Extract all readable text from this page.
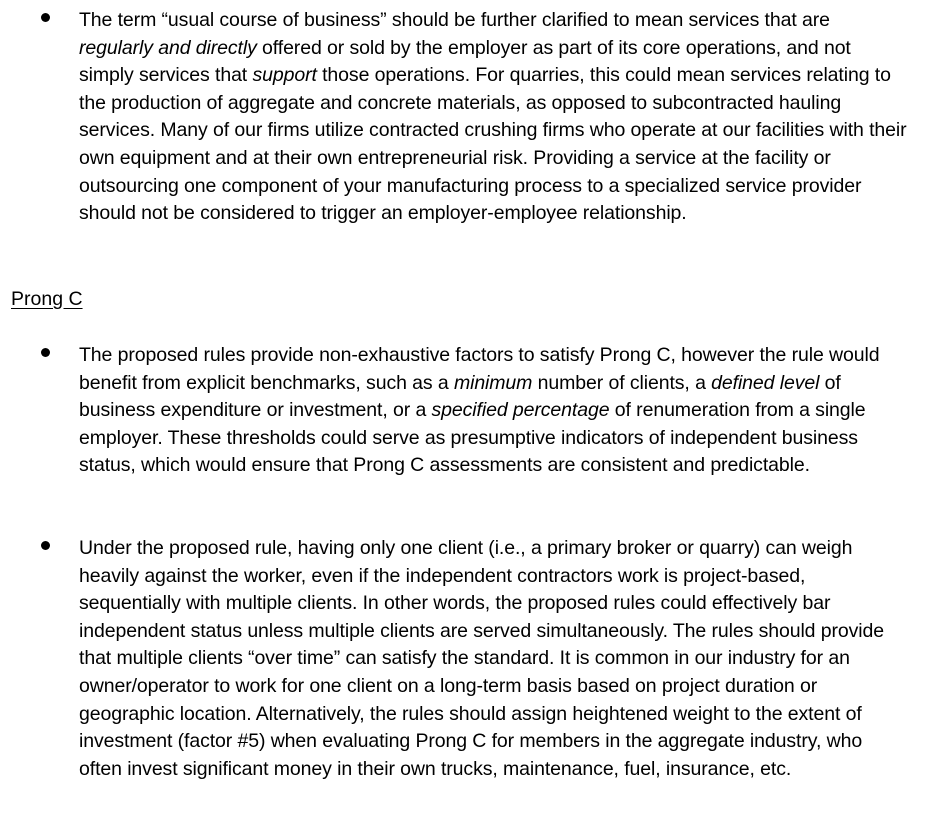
The term “usual course of business” should be further clarified to mean services that are regularly and directly offered or sold by the employer as part of its core operations, and not simply services that support those operations. For quarries, this could mean services relating to the production of aggregate and concrete materials, as opposed to subcontracted hauling services. Many of our firms utilize contracted crushing firms who operate at our facilities with their own equipment and at their own entrepreneurial risk. Providing a service at the facility or outsourcing one component of your manufacturing process to a specialized service provider should not be considered to trigger an employer-employee relationship.
Prong C
The proposed rules provide non-exhaustive factors to satisfy Prong C, however the rule would benefit from explicit benchmarks, such as a minimum number of clients, a defined level of business expenditure or investment, or a specified percentage of renumeration from a single employer. These thresholds could serve as presumptive indicators of independent business status, which would ensure that Prong C assessments are consistent and predictable.
Under the proposed rule, having only one client (i.e., a primary broker or quarry) can weigh heavily against the worker, even if the independent contractors work is project-based, sequentially with multiple clients. In other words, the proposed rules could effectively bar independent status unless multiple clients are served simultaneously. The rules should provide that multiple clients “over time” can satisfy the standard. It is common in our industry for an owner/operator to work for one client on a long-term basis based on project duration or geographic location. Alternatively, the rules should assign heightened weight to the extent of investment (factor #5) when evaluating Prong C for members in the aggregate industry, who often invest significant money in their own trucks, maintenance, fuel, insurance, etc.
